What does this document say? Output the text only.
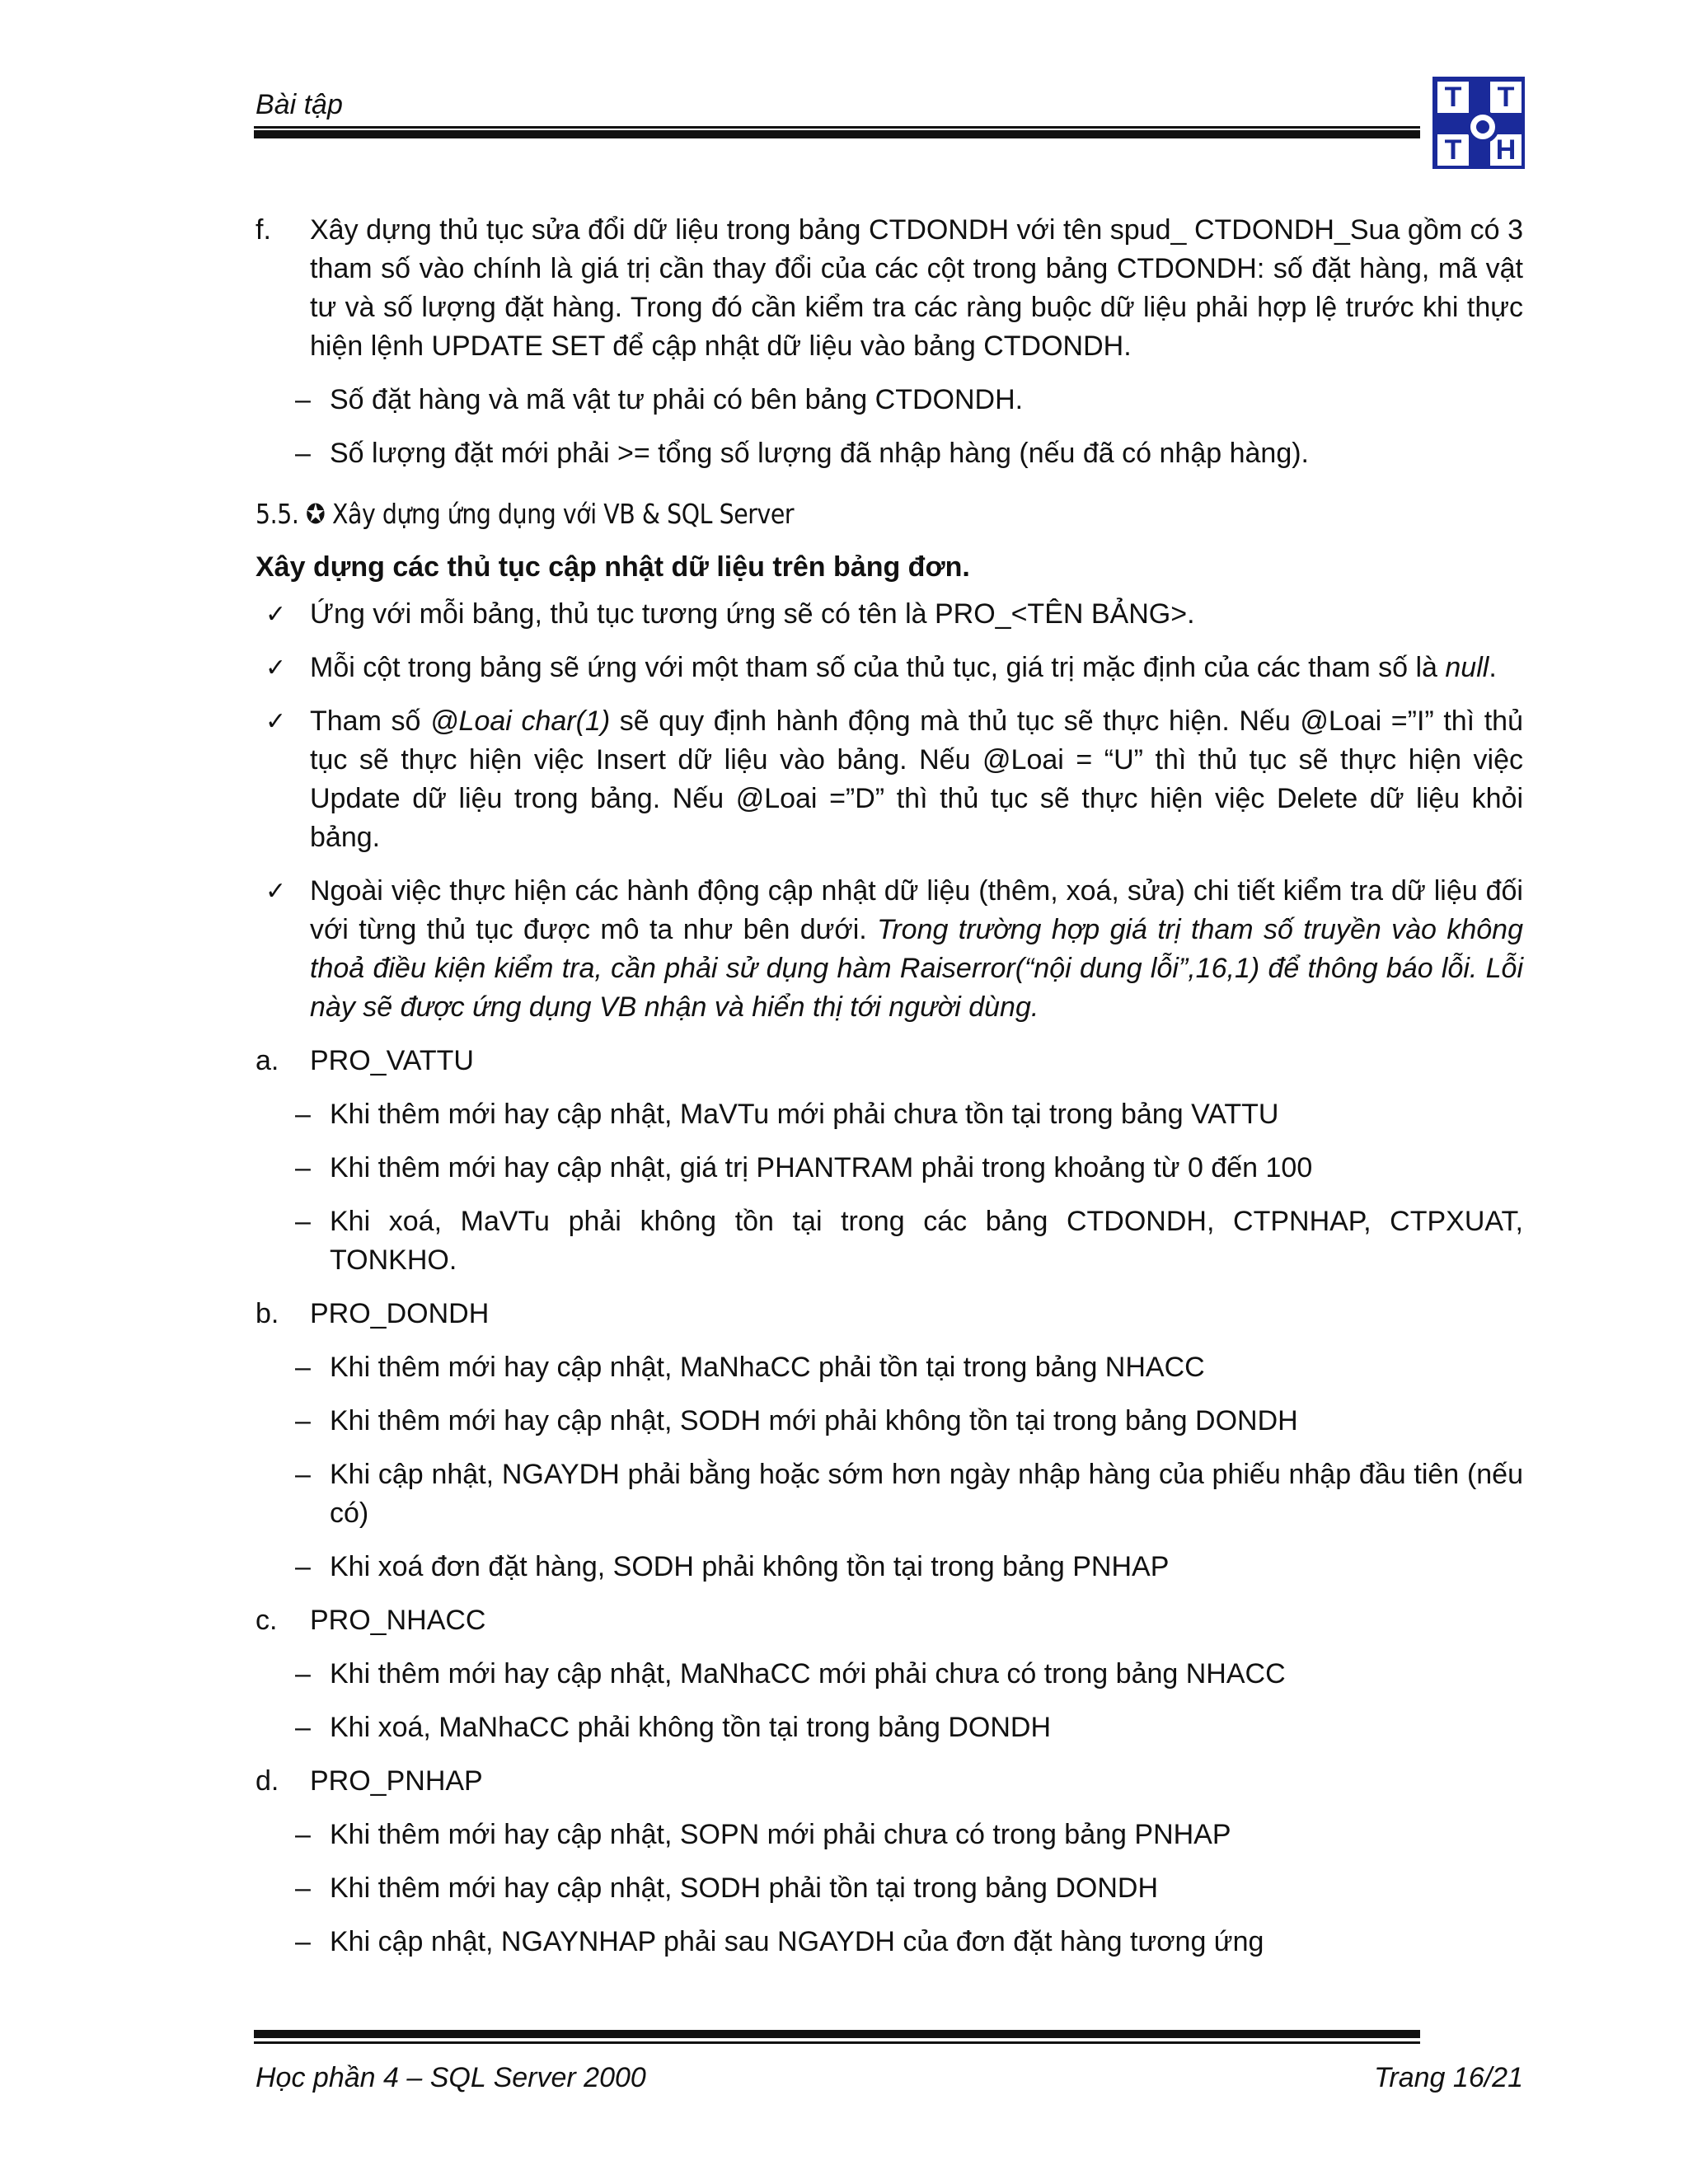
Bài tập	T	T
T	H
f. Xây dựng thủ tục sửa đổi dữ liệu trong bảng CTDONDH với tên spud_ CTDONDH_Sua gồm có 3 tham số vào chính là giá trị cần thay đổi của các cột trong bảng CTDONDH: số đặt hàng, mã vật tư và số lượng đặt hàng. Trong đó cần kiểm tra các ràng buộc dữ liệu phải hợp lệ trước khi thực hiện lệnh UPDATE SET để cập nhật dữ liệu vào bảng CTDONDH.

– Số đặt hàng và mã vật tư phải có bên bảng CTDONDH.

– Số lượng đặt mới phải >= tổng số lượng đã nhập hàng (nếu đã có nhập hàng).

5.5. ✪ Xây dựng ứng dụng với VB & SQL Server

Xây dựng các thủ tục cập nhật dữ liệu trên bảng đơn.

✓ Ứng với mỗi bảng, thủ tục tương ứng sẽ có tên là PRO_<TÊN BẢNG>.

✓ Mỗi cột trong bảng sẽ ứng với một tham số của thủ tục, giá trị mặc định của các tham số là null.

✓ Tham số @Loai char(1) sẽ quy định hành động mà thủ tục sẽ thực hiện. Nếu @Loai =”I” thì thủ tục sẽ thực hiện việc Insert dữ liệu vào bảng. Nếu @Loai = “U” thì thủ tục sẽ thực hiện việc Update dữ liệu trong bảng. Nếu @Loai =”D” thì thủ tục sẽ thực hiện việc Delete dữ liệu khỏi bảng.

✓ Ngoài việc thực hiện các hành động cập nhật dữ liệu (thêm, xoá, sửa) chi tiết kiểm tra dữ liệu đối với từng thủ tục được mô ta như bên dưới. Trong trường hợp giá trị tham số truyền vào không thoả điều kiện kiểm tra, cần phải sử dụng hàm Raiserror(“nội dung lỗi”,16,1) để thông báo lỗi. Lỗi này sẽ được ứng dụng VB nhận và hiển thị tới người dùng.

a. PRO_VATTU

– Khi thêm mới hay cập nhật, MaVTu mới phải chưa tồn tại trong bảng VATTU

– Khi thêm mới hay cập nhật, giá trị PHANTRAM phải trong khoảng từ 0 đến 100

– Khi xoá, MaVTu phải không tồn tại trong các bảng CTDONDH, CTPNHAP, CTPXUAT, TONKHO.

b. PRO_DONDH

– Khi thêm mới hay cập nhật, MaNhaCC phải tồn tại trong bảng NHACC

– Khi thêm mới hay cập nhật, SODH mới phải không tồn tại trong bảng DONDH

– Khi cập nhật, NGAYDH phải bằng hoặc sớm hơn ngày nhập hàng của phiếu nhập đầu tiên (nếu có)

– Khi xoá đơn đặt hàng, SODH phải không tồn tại trong bảng PNHAP

c. PRO_NHACC

– Khi thêm mới hay cập nhật, MaNhaCC mới phải chưa có trong bảng NHACC

– Khi xoá, MaNhaCC phải không tồn tại trong bảng DONDH

d. PRO_PNHAP

– Khi thêm mới hay cập nhật, SOPN mới phải chưa có trong bảng PNHAP

– Khi thêm mới hay cập nhật, SODH phải tồn tại trong bảng DONDH

– Khi cập nhật, NGAYNHAP phải sau NGAYDH của đơn đặt hàng tương ứng

Học phần 4 – SQL Server 2000	Trang 16/21
